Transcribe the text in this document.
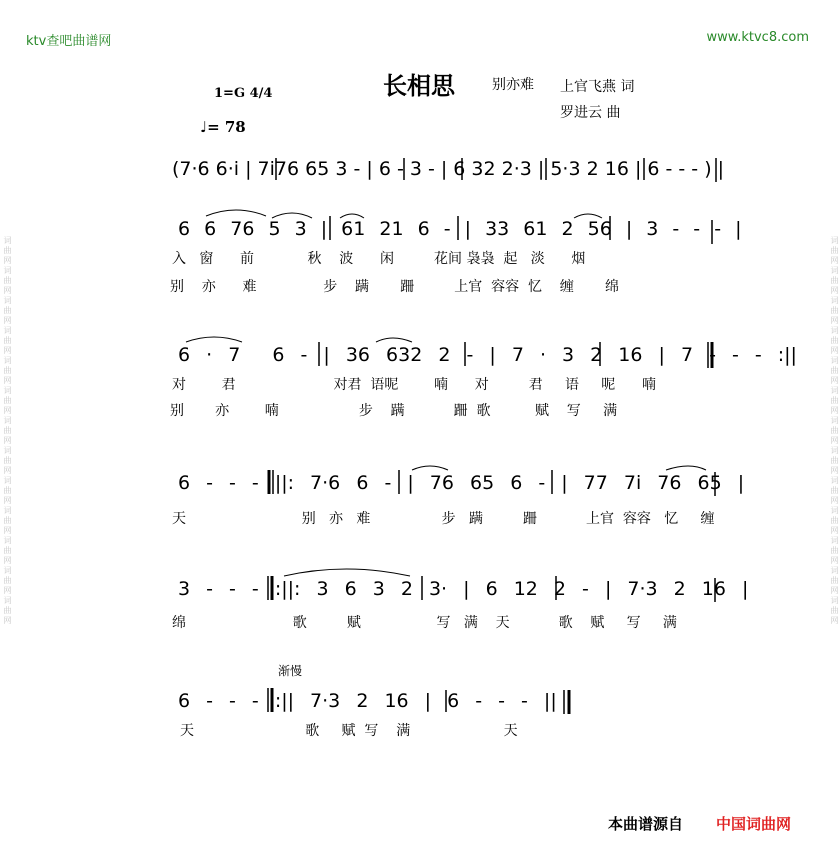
词曲网词曲网词曲网词曲网词曲网词曲网词曲网词曲网词曲网词曲网词曲网词曲网词曲网	词曲网词曲网词曲网词曲网词曲网词曲网词曲网词曲网词曲网词曲网词曲网词曲网词曲网
ktv查吧曲谱网	www.ktvc8.com
长相思	别亦难 上官飞燕 词
罗进云 曲
1=G 4/4
♩= 78
渐慢
(7·6 6·i | 7i76 65 3 - | 6 - 3 - | 6 32 2·3 | 5·3 2 16 | 6 - - - ) |
6 6 76 5 3 | 61 21 6 - | 33 61 2 56 | 3 - - - |
入   窗      前            秋    波      闲         花间 袅袅  起   淡      烟
别    亦      难               步    蹒       跚         上官  容容  忆    缠       绵
6 · 7  6 - | 36 632 2 - | 7 · 3 2 16 | 7 - - - :||
对        君                      对君  语呢        喃      对         君     语     呢      喃
别       亦        喃                  步    蹒           跚  歌          赋    写     满
6 - - - ||: 7·6 6 - | 76 65 6 - | 77 7i 76 65 |
天                          别   亦   难                步   蹒         跚           上官  容容   忆     缠
3 - - - :||: 3 6 3 2 3· | 6 12 2 - | 7·3 2 16 |
绵                        歌         赋                 写   满    天           歌    赋     写     满
6 - - - :|| 7·3 2 16 | 6 - - - ||
天                         歌     赋  写    满                     天
本曲谱源自 中国词曲网
